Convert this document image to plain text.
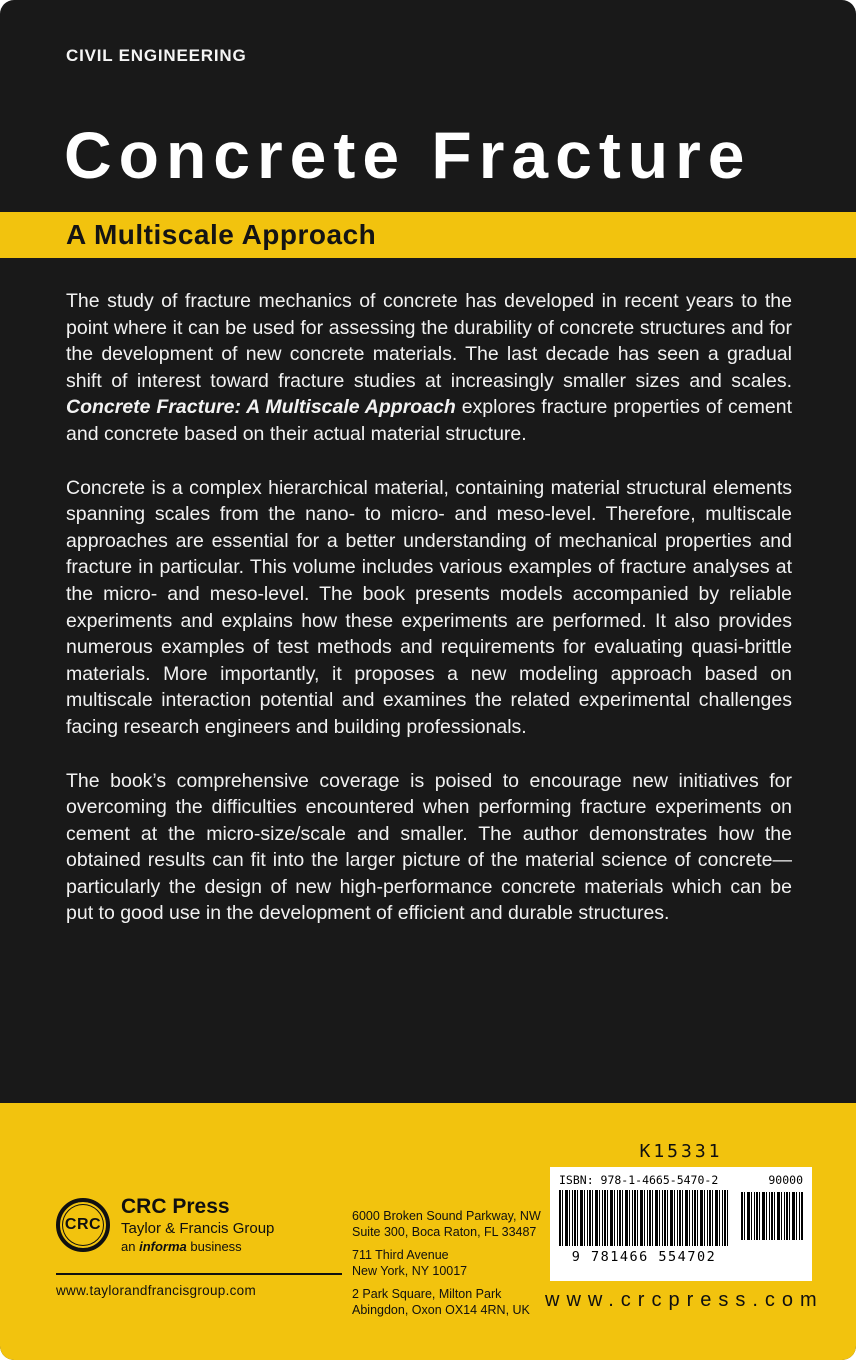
CIVIL ENGINEERING
Concrete Fracture
A Multiscale Approach

The study of fracture mechanics of concrete has developed in recent years to the point where it can be used for assessing the durability of concrete structures and for the development of new concrete materials. The last decade has seen a gradual shift of interest toward fracture studies at increasingly smaller sizes and scales. Concrete Fracture: A Multiscale Approach explores fracture properties of cement and concrete based on their actual material structure.

Concrete is a complex hierarchical material, containing material structural elements spanning scales from the nano- to micro- and meso-level. Therefore, multiscale approaches are essential for a better understanding of mechanical properties and fracture in particular. This volume includes various examples of fracture analyses at the micro- and meso-level. The book presents models accompanied by reliable experiments and explains how these experiments are performed. It also provides numerous examples of test methods and requirements for evaluating quasi-brittle materials. More importantly, it proposes a new modeling approach based on multiscale interaction potential and examines the related experimental challenges facing research engineers and building professionals.

The book’s comprehensive coverage is poised to encourage new initiatives for overcoming the difficulties encountered when performing fracture experiments on cement at the micro-size/scale and smaller. The author demonstrates how the obtained results can fit into the larger picture of the material science of concrete—particularly the design of new high-performance concrete materials which can be put to good use in the development of efficient and durable structures.

K15331
ISBN: 978-1-4665-5470-2	90000
9 781466 554702
www.crcpress.com
CRC
CRC Press
Taylor & Francis Group
an informa business
www.taylorandfrancisgroup.com
6000 Broken Sound Parkway, NW
Suite 300, Boca Raton, FL 33487
711 Third Avenue
New York, NY 10017
2 Park Square, Milton Park
Abingdon, Oxon OX14 4RN, UK
